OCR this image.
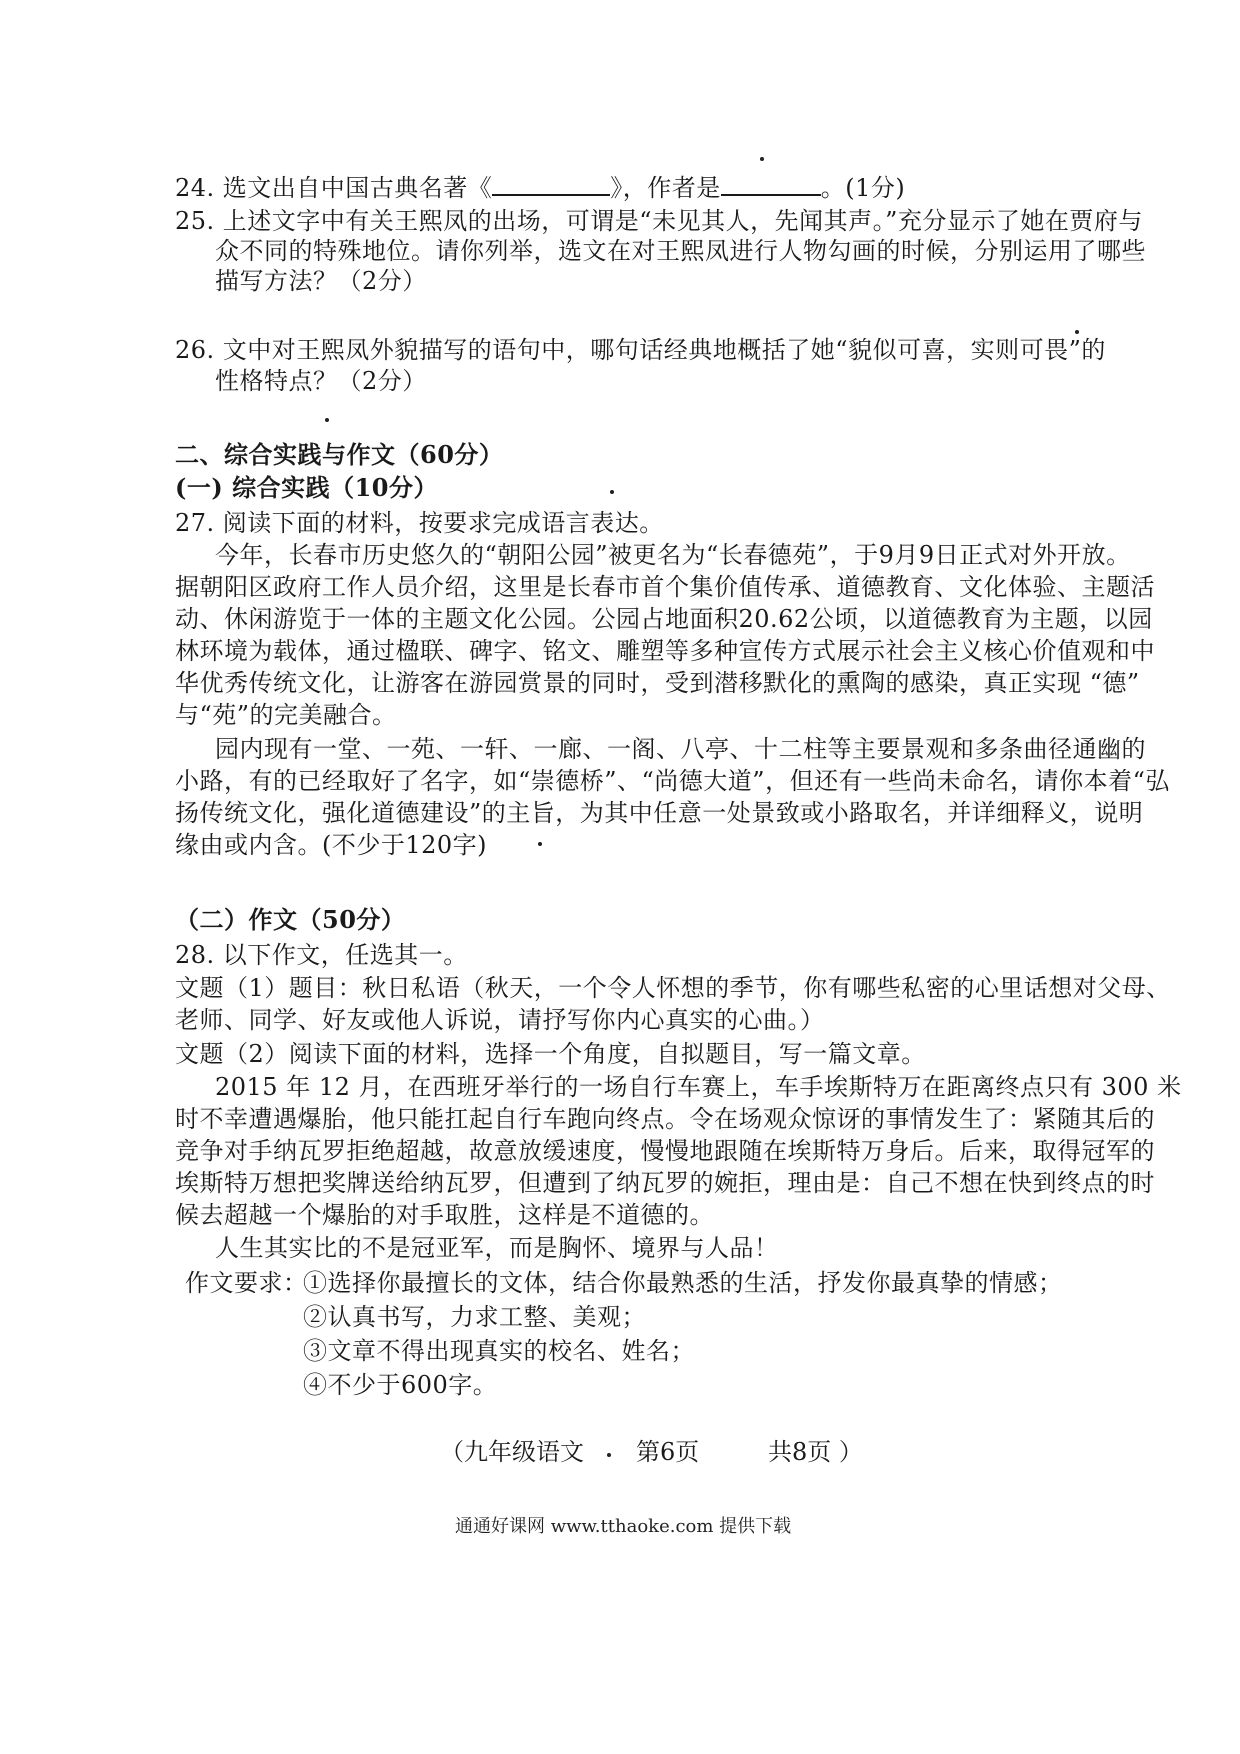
24. 选文出自中国古典名著《	》，作者是	。(1分)
25. 上述文字中有关王熙凤的出场，可谓是“未见其人，先闻其声。”充分显示了她在贾府与
众不同的特殊地位。请你列举，选文在对王熙凤进行人物勾画的时候，分别运用了哪些
描写方法？（2分）
26. 文中对王熙凤外貌描写的语句中，哪句话经典地概括了她“貌似可喜，实则可畏”的
性格特点？（2分）
二、综合实践与作文（60分）
(一) 综合实践（10分）
27. 阅读下面的材料，按要求完成语言表达。
今年，长春市历史悠久的“朝阳公园”被更名为“长春德苑”，于9月9日正式对外开放。
据朝阳区政府工作人员介绍，这里是长春市首个集价值传承、道德教育、文化体验、主题活
动、休闲游览于一体的主题文化公园。公园占地面积20.62公顷，以道德教育为主题，以园
林环境为载体，通过楹联、碑字、铭文、雕塑等多种宣传方式展示社会主义核心价值观和中
华优秀传统文化，让游客在游园赏景的同时，受到潜移默化的熏陶的感染，真正实现 “德”
与“苑”的完美融合。
园内现有一堂、一苑、一轩、一廊、一阁、八亭、十二柱等主要景观和多条曲径通幽的
小路，有的已经取好了名字，如“崇德桥”、“尚德大道”，但还有一些尚未命名，请你本着“弘
扬传统文化，强化道德建设”的主旨，为其中任意一处景致或小路取名，并详细释义，说明
缘由或内含。(不少于120字)
（二）作文（50分）
28. 以下作文，任选其一。
文题（1）题目：秋日私语（秋天，一个令人怀想的季节，你有哪些私密的心里话想对父母、
老师、同学、好友或他人诉说，请抒写你内心真实的心曲。）
文题（2）阅读下面的材料，选择一个角度，自拟题目，写一篇文章。
2015 年 12 月，在西班牙举行的一场自行车赛上，车手埃斯特万在距离终点只有 300 米
时不幸遭遇爆胎，他只能扛起自行车跑向终点。令在场观众惊讶的事情发生了：紧随其后的
竞争对手纳瓦罗拒绝超越，故意放缓速度，慢慢地跟随在埃斯特万身后。后来，取得冠军的
埃斯特万想把奖牌送给纳瓦罗，但遭到了纳瓦罗的婉拒，理由是：自己不想在快到终点的时
候去超越一个爆胎的对手取胜，这样是不道德的。
人生其实比的不是冠亚军，而是胸怀、境界与人品！
作文要求：
①选择你最擅长的文体，结合你最熟悉的生活，抒发你最真挚的情感；
②认真书写，力求工整、美观；
③文章不得出现真实的校名、姓名；
④不少于600字。
（九年级语文 第6页	共8页 ）
通通好课网 www.tthaoke.com 提供下载
